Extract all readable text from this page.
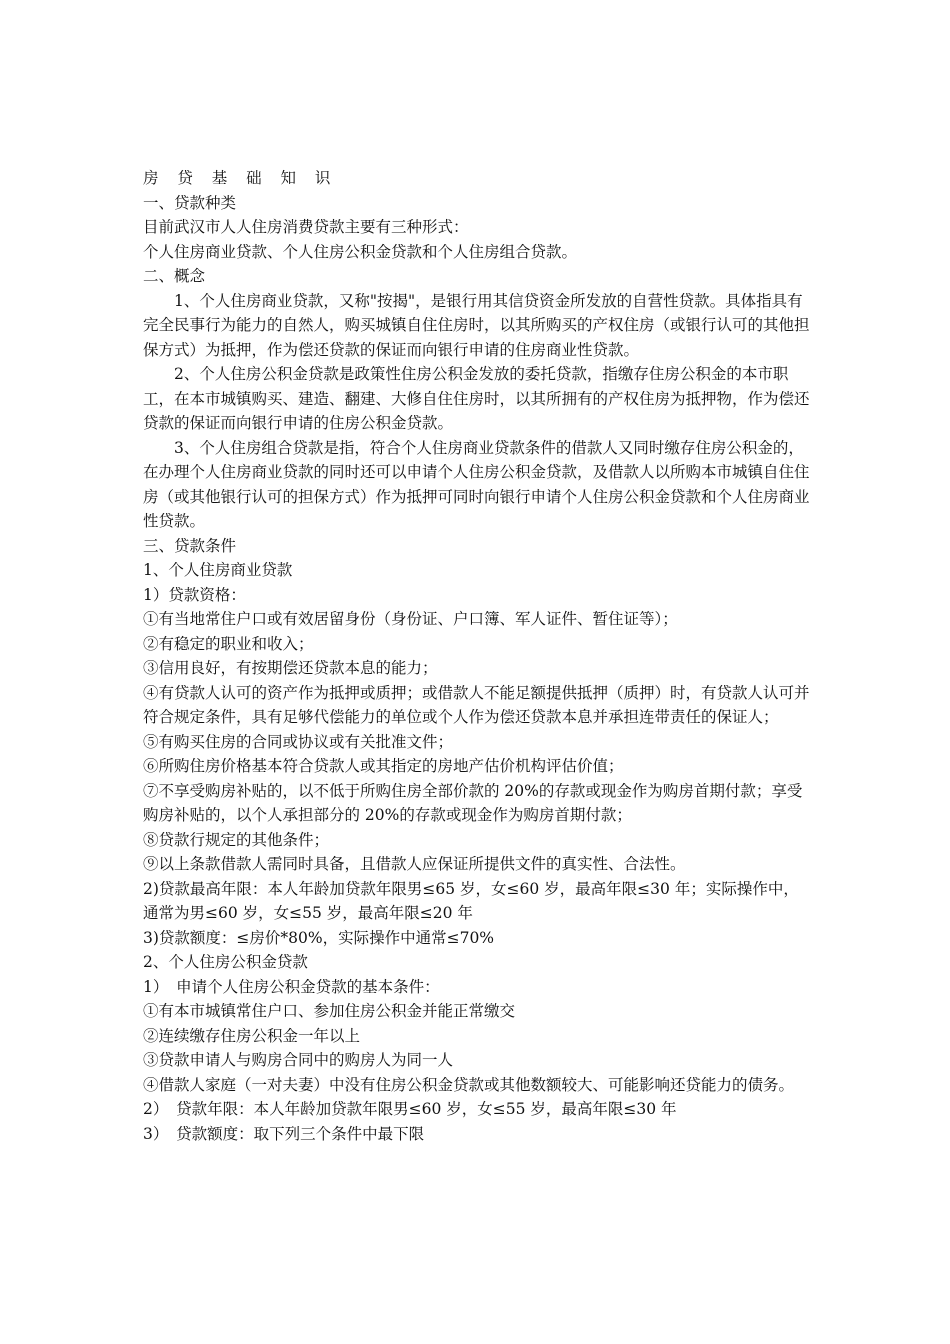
房 贷 基 础 知 识

一、贷款种类

目前武汉市人人住房消费贷款主要有三种形式：

个人住房商业贷款、个人住房公积金贷款和个人住房组合贷款。

二、概念

1、个人住房商业贷款，又称"按揭"，是银行用其信贷资金所发放的自营性贷款。具体指具有完全民事行为能力的自然人，购买城镇自住住房时，以其所购买的产权住房（或银行认可的其他担保方式）为抵押，作为偿还贷款的保证而向银行申请的住房商业性贷款。

2、个人住房公积金贷款是政策性住房公积金发放的委托贷款，指缴存住房公积金的本市职工，在本市城镇购买、建造、翻建、大修自住住房时，以其所拥有的产权住房为抵押物，作为偿还贷款的保证而向银行申请的住房公积金贷款。

3、个人住房组合贷款是指，符合个人住房商业贷款条件的借款人又同时缴存住房公积金的，在办理个人住房商业贷款的同时还可以申请个人住房公积金贷款，及借款人以所购本市城镇自住住房（或其他银行认可的担保方式）作为抵押可同时向银行申请个人住房公积金贷款和个人住房商业性贷款。

三、贷款条件

1、个人住房商业贷款

1）贷款资格：

①有当地常住户口或有效居留身份（身份证、户口簿、军人证件、暂住证等）；

②有稳定的职业和收入；

③信用良好，有按期偿还贷款本息的能力；

④有贷款人认可的资产作为抵押或质押；或借款人不能足额提供抵押（质押）时，有贷款人认可并符合规定条件，具有足够代偿能力的单位或个人作为偿还贷款本息并承担连带责任的保证人；

⑤有购买住房的合同或协议或有关批准文件；

⑥所购住房价格基本符合贷款人或其指定的房地产估价机构评估价值；

⑦不享受购房补贴的，以不低于所购住房全部价款的 20%的存款或现金作为购房首期付款；享受购房补贴的，以个人承担部分的 20%的存款或现金作为购房首期付款；

⑧贷款行规定的其他条件；

⑨以上条款借款人需同时具备，且借款人应保证所提供文件的真实性、合法性。

2)贷款最高年限：本人年龄加贷款年限男≤65 岁，女≤60 岁，最高年限≤30 年；实际操作中，通常为男≤60 岁，女≤55 岁，最高年限≤20 年

3)贷款额度：≤房价*80%，实际操作中通常≤70%

2、个人住房公积金贷款

1）　申请个人住房公积金贷款的基本条件：

①有本市城镇常住户口、参加住房公积金并能正常缴交

②连续缴存住房公积金一年以上

③贷款申请人与购房合同中的购房人为同一人

④借款人家庭（一对夫妻）中没有住房公积金贷款或其他数额较大、可能影响还贷能力的债务。

2）　贷款年限：本人年龄加贷款年限男≤60 岁，女≤55 岁，最高年限≤30 年

3）　贷款额度：取下列三个条件中最下限
